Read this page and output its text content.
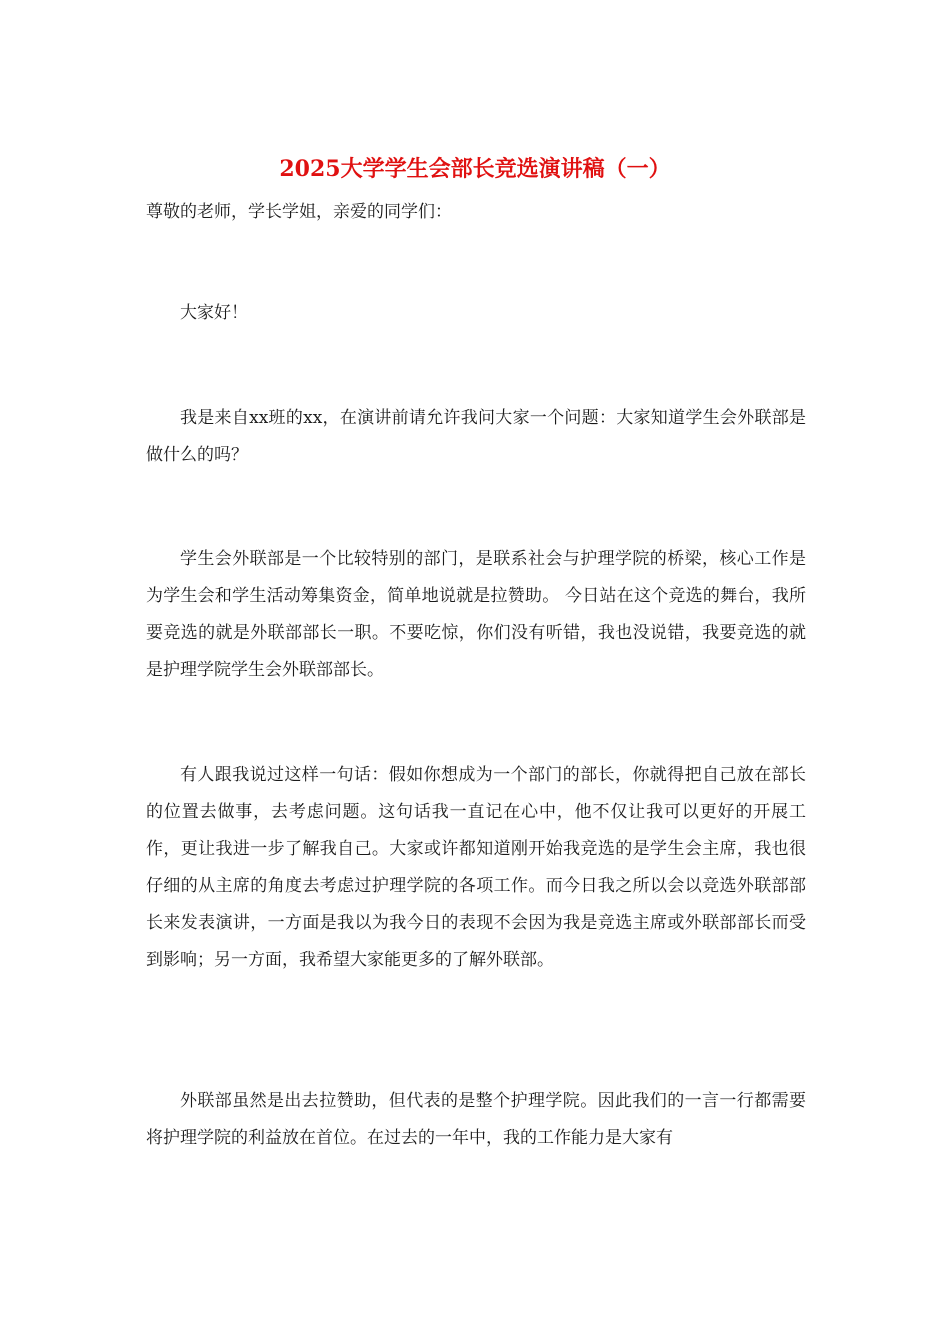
2025大学学生会部长竞选演讲稿（一）
尊敬的老师，学长学姐，亲爱的同学们：

大家好！

我是来自xx班的xx，在演讲前请允许我问大家一个问题：大家知道学生会外联部是做什么的吗？

学生会外联部是一个比较特别的部门，是联系社会与护理学院的桥梁，核心工作是为学生会和学生活动筹集资金，简单地说就是拉赞助。 今日站在这个竞选的舞台，我所要竞选的就是外联部部长一职。不要吃惊，你们没有听错，我也没说错，我要竞选的就是护理学院学生会外联部部长。

有人跟我说过这样一句话：假如你想成为一个部门的部长，你就得把自己放在部长的位置去做事，去考虑问题。这句话我一直记在心中，他不仅让我可以更好的开展工作，更让我进一步了解我自己。大家或许都知道刚开始我竞选的是学生会主席，我也很仔细的从主席的角度去考虑过护理学院的各项工作。而今日我之所以会以竞选外联部部长来发表演讲，一方面是我以为我今日的表现不会因为我是竞选主席或外联部部长而受到影响；另一方面，我希望大家能更多的了解外联部。

外联部虽然是出去拉赞助，但代表的是整个护理学院。因此我们的一言一行都需要将护理学院的利益放在首位。在过去的一年中，我的工作能力是大家有
